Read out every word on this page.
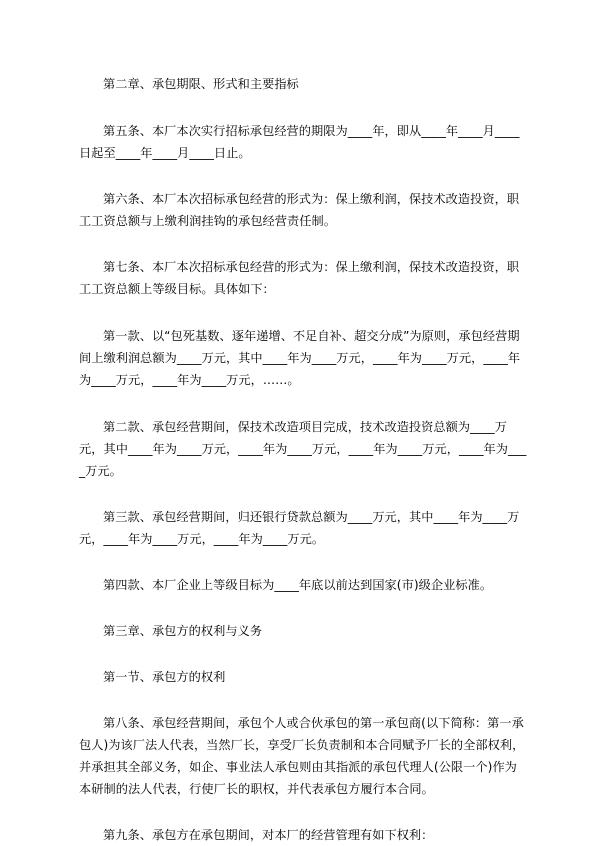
第二章、承包期限、形式和主要指标

第五条、本厂本次实行招标承包经营的期限为____年，即从____年____月____日起至____年____月____日止。

第六条、本厂本次招标承包经营的形式为：保上缴利润，保技术改造投资，职工工资总额与上缴利润挂钩的承包经营责任制。

第七条、本厂本次招标承包经营的形式为：保上缴利润，保技术改造投资，职工工资总额上等级目标。具体如下：

第一款、以“包死基数、逐年递增、不足自补、超交分成”为原则，承包经营期间上缴利润总额为____万元，其中____年为____万元，____年为____万元，____年为____万元，____年为____万元，……。

第二款、承包经营期间，保技术改造项目完成，技术改造投资总额为____万元，其中____年为____万元，____年为____万元，____年为____万元，____年为____万元。

第三款、承包经营期间，归还银行贷款总额为____万元，其中____年为____万元，____年为____万元，____年为____万元。

第四款、本厂企业上等级目标为____年底以前达到国家(市)级企业标准。

第三章、承包方的权利与义务

第一节、承包方的权利

第八条、承包经营期间，承包个人或合伙承包的第一承包商(以下简称：第一承包人)为该厂法人代表，当然厂长，享受厂长负责制和本合同赋予厂长的全部权利，并承担其全部义务，如企、事业法人承包则由其指派的承包代理人(公限一个)作为本研制的法人代表，行使厂长的职权，并代表承包方履行本合同。

第九条、承包方在承包期间，对本厂的经营管理有如下权利：
